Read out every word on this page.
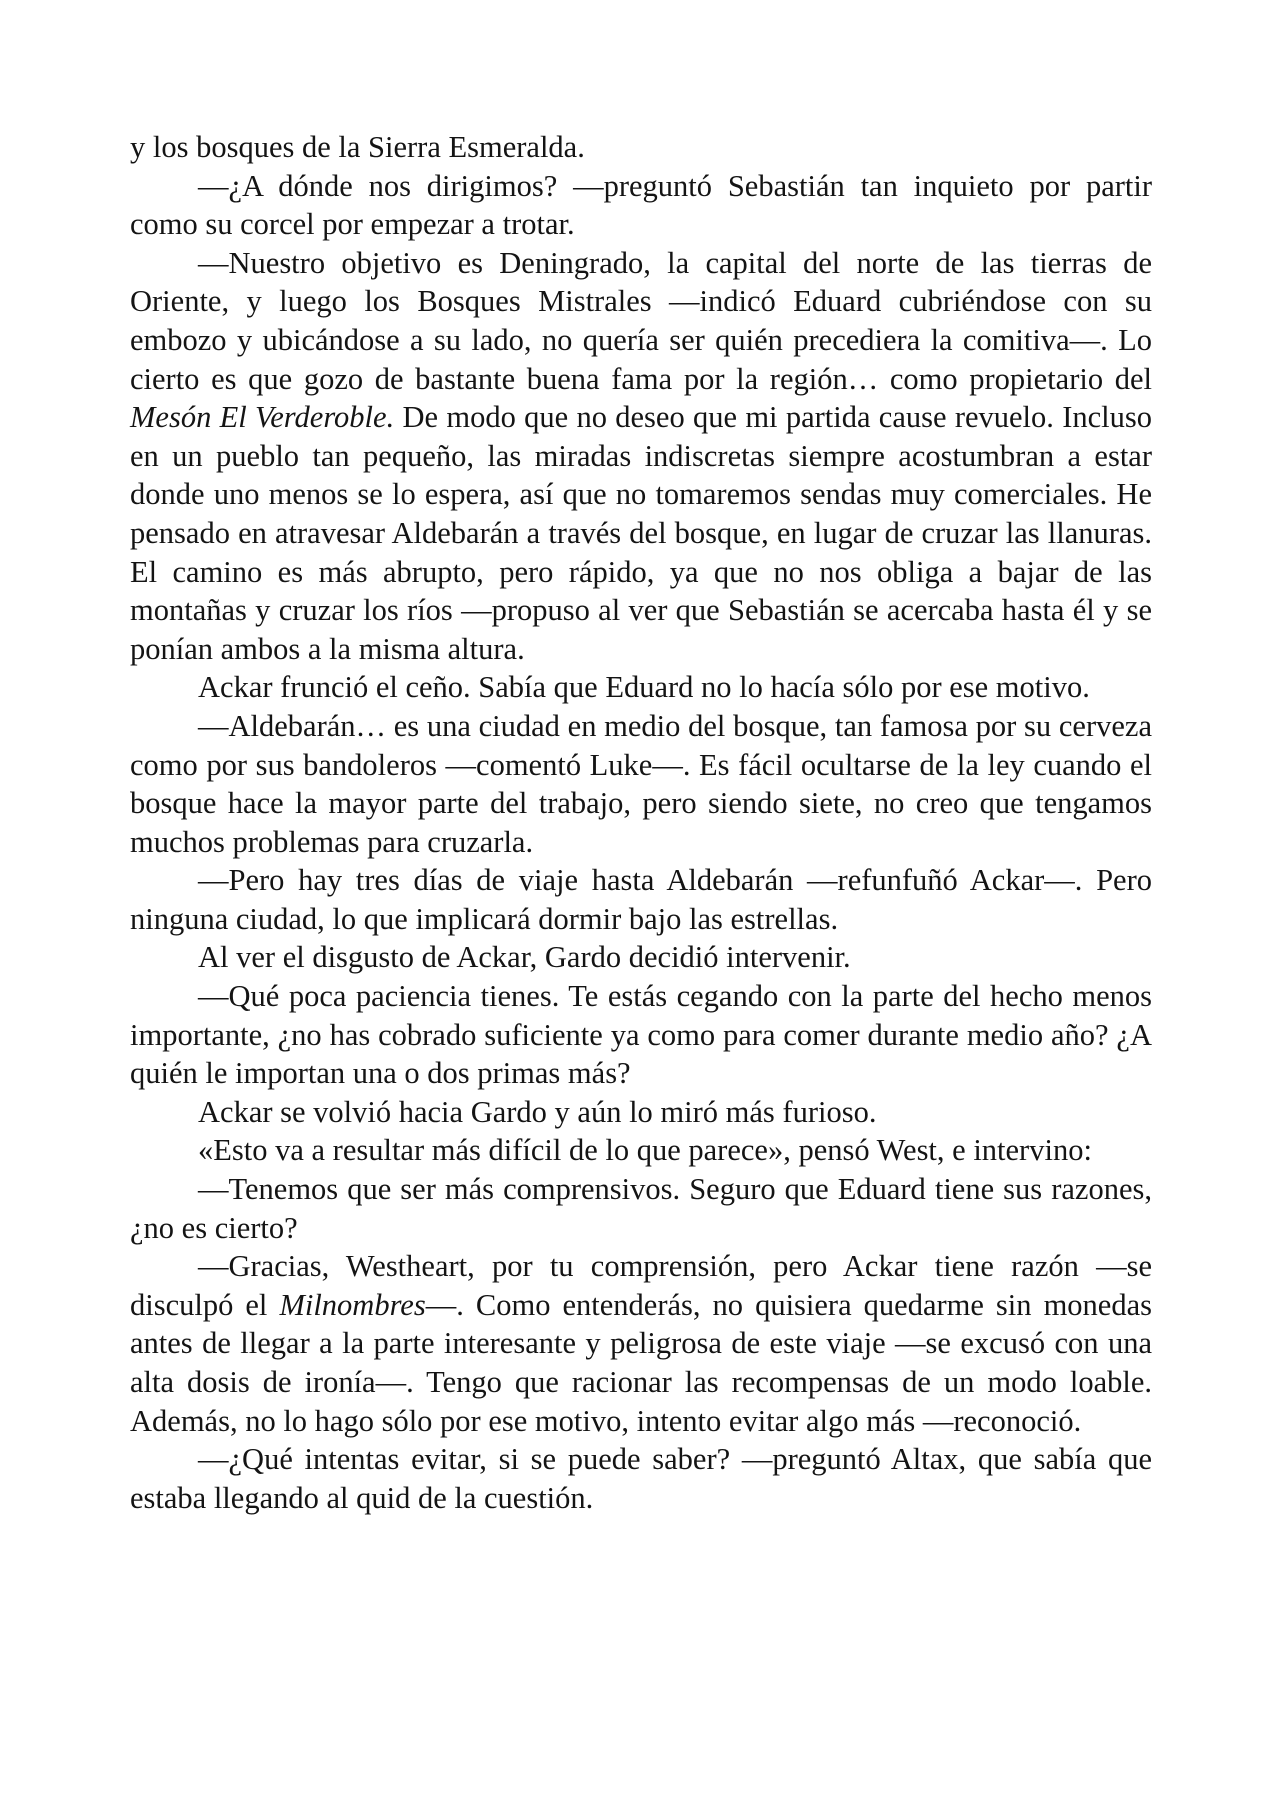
y los bosques de la Sierra Esmeralda.

—¿A dónde nos dirigimos? —preguntó Sebastián tan inquieto por partir como su corcel por empezar a trotar.

—Nuestro objetivo es Deningrado, la capital del norte de las tierras de Oriente, y luego los Bosques Mistrales —indicó Eduard cubriéndose con su embozo y ubicándose a su lado, no quería ser quién precediera la comitiva—. Lo cierto es que gozo de bastante buena fama por la región… como propietario del Mesón El Verderoble. De modo que no deseo que mi partida cause revuelo. Incluso en un pueblo tan pequeño, las miradas indiscretas siempre acostumbran a estar donde uno menos se lo espera, así que no tomaremos sendas muy comerciales. He pensado en atravesar Aldebarán a través del bosque, en lugar de cruzar las llanuras. El camino es más abrupto, pero rápido, ya que no nos obliga a bajar de las montañas y cruzar los ríos —propuso al ver que Sebastián se acercaba hasta él y se ponían ambos a la misma altura.

Ackar frunció el ceño. Sabía que Eduard no lo hacía sólo por ese motivo.

—Aldebarán… es una ciudad en medio del bosque, tan famosa por su cerveza como por sus bandoleros —comentó Luke—. Es fácil ocultarse de la ley cuando el bosque hace la mayor parte del trabajo, pero siendo siete, no creo que tengamos muchos problemas para cruzarla.

—Pero hay tres días de viaje hasta Aldebarán —refunfuñó Ackar—. Pero ninguna ciudad, lo que implicará dormir bajo las estrellas.

Al ver el disgusto de Ackar, Gardo decidió intervenir.

—Qué poca paciencia tienes. Te estás cegando con la parte del hecho menos importante, ¿no has cobrado suficiente ya como para comer durante medio año? ¿A quién le importan una o dos primas más?

Ackar se volvió hacia Gardo y aún lo miró más furioso.

«Esto va a resultar más difícil de lo que parece», pensó West, e intervino:

—Tenemos que ser más comprensivos. Seguro que Eduard tiene sus razones, ¿no es cierto?

—Gracias, Westheart, por tu comprensión, pero Ackar tiene razón —se disculpó el Milnombres—. Como entenderás, no quisiera quedarme sin monedas antes de llegar a la parte interesante y peligrosa de este viaje —se excusó con una alta dosis de ironía—. Tengo que racionar las recompensas de un modo loable. Además, no lo hago sólo por ese motivo, intento evitar algo más —reconoció.

—¿Qué intentas evitar, si se puede saber? —preguntó Altax, que sabía que estaba llegando al quid de la cuestión.
